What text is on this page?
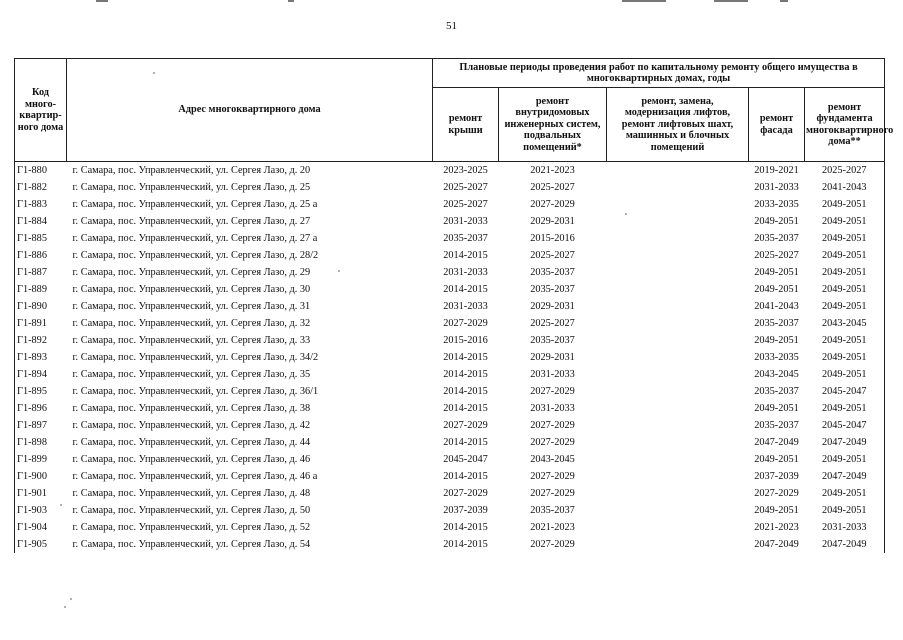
51
Код много-квартир-ного дома	Адрес многоквартирного дома	Плановые периоды проведения работ по капитальному ремонту общего имущества в многоквартирных домах, годы				
		ремонт крыши	ремонт внутридомовых инженерных систем, подвальных помещений*	ремонт, замена, модернизация лифтов, ремонт лифтовых шахт, машинных и блочных помещений	ремонт фасада	ремонт фундамента многоквартирного дома**
Г1-880	г. Самара, пос. Управленческий, ул. Сергея Лазо, д. 20	2023-2025	2021-2023		2019-2021	2025-2027
Г1-882	г. Самара, пос. Управленческий, ул. Сергея Лазо, д. 25	2025-2027	2025-2027		2031-2033	2041-2043
Г1-883	г. Самара, пос. Управленческий, ул. Сергея Лазо, д. 25 а	2025-2027	2027-2029		2033-2035	2049-2051
Г1-884	г. Самара, пос. Управленческий, ул. Сергея Лазо, д. 27	2031-2033	2029-2031		2049-2051	2049-2051
Г1-885	г. Самара, пос. Управленческий, ул. Сергея Лазо, д. 27 а	2035-2037	2015-2016		2035-2037	2049-2051
Г1-886	г. Самара, пос. Управленческий, ул. Сергея Лазо, д. 28/2	2014-2015	2025-2027		2025-2027	2049-2051
Г1-887	г. Самара, пос. Управленческий, ул. Сергея Лазо, д. 29	2031-2033	2035-2037		2049-2051	2049-2051
Г1-889	г. Самара, пос. Управленческий, ул. Сергея Лазо, д. 30	2014-2015	2035-2037		2049-2051	2049-2051
Г1-890	г. Самара, пос. Управленческий, ул. Сергея Лазо, д. 31	2031-2033	2029-2031		2041-2043	2049-2051
Г1-891	г. Самара, пос. Управленческий, ул. Сергея Лазо, д. 32	2027-2029	2025-2027		2035-2037	2043-2045
Г1-892	г. Самара, пос. Управленческий, ул. Сергея Лазо, д. 33	2015-2016	2035-2037		2049-2051	2049-2051
Г1-893	г. Самара, пос. Управленческий, ул. Сергея Лазо, д. 34/2	2014-2015	2029-2031		2033-2035	2049-2051
Г1-894	г. Самара, пос. Управленческий, ул. Сергея Лазо, д. 35	2014-2015	2031-2033		2043-2045	2049-2051
Г1-895	г. Самара, пос. Управленческий, ул. Сергея Лазо, д. 36/1	2014-2015	2027-2029		2035-2037	2045-2047
Г1-896	г. Самара, пос. Управленческий, ул. Сергея Лазо, д. 38	2014-2015	2031-2033		2049-2051	2049-2051
Г1-897	г. Самара, пос. Управленческий, ул. Сергея Лазо, д. 42	2027-2029	2027-2029		2035-2037	2045-2047
Г1-898	г. Самара, пос. Управленческий, ул. Сергея Лазо, д. 44	2014-2015	2027-2029		2047-2049	2047-2049
Г1-899	г. Самара, пос. Управленческий, ул. Сергея Лазо, д. 46	2045-2047	2043-2045		2049-2051	2049-2051
Г1-900	г. Самара, пос. Управленческий, ул. Сергея Лазо, д. 46 а	2014-2015	2027-2029		2037-2039	2047-2049
Г1-901	г. Самара, пос. Управленческий, ул. Сергея Лазо, д. 48	2027-2029	2027-2029		2027-2029	2049-2051
Г1-903	г. Самара, пос. Управленческий, ул. Сергея Лазо, д. 50	2037-2039	2035-2037		2049-2051	2049-2051
Г1-904	г. Самара, пос. Управленческий, ул. Сергея Лазо, д. 52	2014-2015	2021-2023		2021-2023	2031-2033
Г1-905	г. Самара, пос. Управленческий, ул. Сергея Лазо, д. 54	2014-2015	2027-2029		2047-2049	2047-2049
